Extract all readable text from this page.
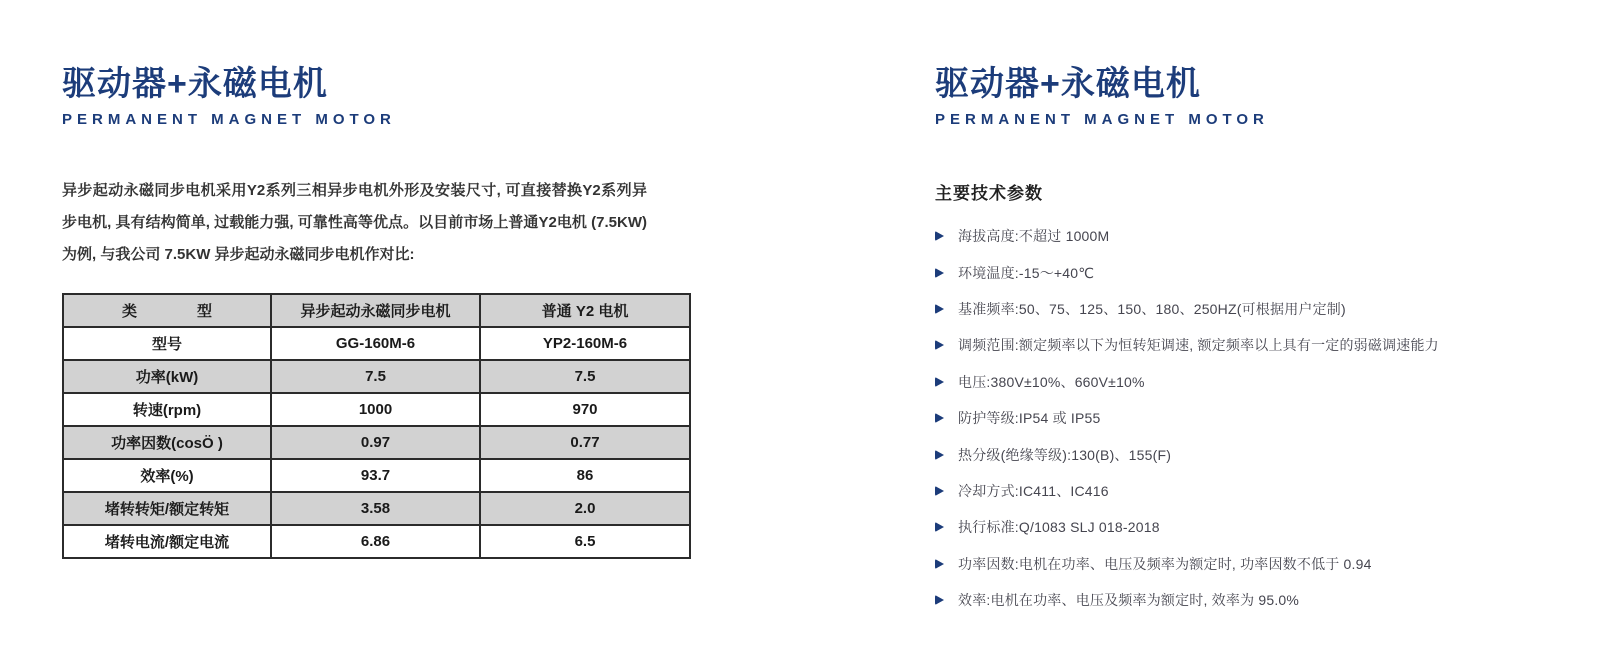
驱动器+永磁电机
PERMANENT MAGNET MOTOR

异步起动永磁同步电机采用Y2系列三相异步电机外形及安装尺寸, 可直接替换Y2系列异步电机, 具有结构简单, 过载能力强, 可靠性高等优点。以目前市场上普通Y2电机 (7.5KW) 为例, 与我公司 7.5KW 异步起动永磁同步电机作对比:

类　　　　型	异步起动永磁同步电机	普通 Y2 电机
型号	GG-160M-6	YP2-160M-6
功率(kW)	7.5	7.5
转速(rpm)	1000	970
功率因数(cosÖ )	0.97	0.77
效率(%)	93.7	86
堵转转矩/额定转矩	3.58	2.0
堵转电流/额定电流	6.86	6.5
驱动器+永磁电机
PERMANENT MAGNET MOTOR
主要技术参数
海拔高度:不超过 1000M
环境温度:-15～+40℃
基准频率:50、75、125、150、180、250HZ(可根据用户定制)
调频范围:额定频率以下为恒转矩调速, 额定频率以上具有一定的弱磁调速能力
电压:380V±10%、660V±10%
防护等级:IP54 或 IP55
热分级(绝缘等级):130(B)、155(F)
冷却方式:IC411、IC416
执行标准:Q/1083 SLJ 018-2018
功率因数:电机在功率、电压及频率为额定时, 功率因数不低于 0.94
效率:电机在功率、电压及频率为额定时, 效率为 95.0%
